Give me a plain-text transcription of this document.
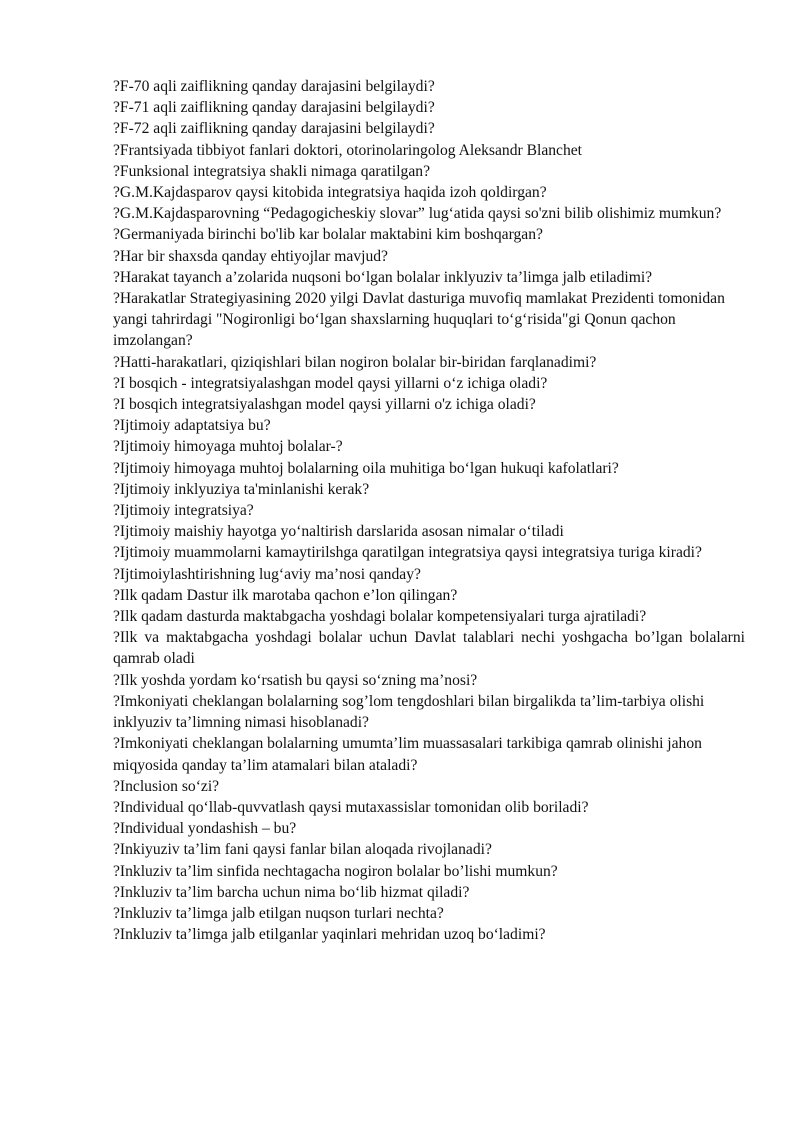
?F-70 aqli zaiflikning qanday darajasini belgilaydi?

?F-71 aqli zaiflikning qanday darajasini belgilaydi?

?F-72 aqli zaiflikning qanday darajasini belgilaydi?

?Frantsiyada tibbiyot fanlari doktori, otorinolaringolog Aleksandr Blanchet

?Funksional integratsiya shakli nimaga qaratilgan?

?G.M.Kajdasparov qaysi kitobida integratsiya haqida izoh qoldirgan?

?G.M.Kajdasparovning “Pedagogicheskiy slovar” lug‘atida qaysi so'zni bilib olishimiz mumkun?

?Germaniyada birinchi bo'lib kar bolalar maktabini kim boshqargan?

?Har bir shaxsda qanday ehtiyojlar mavjud?

?Harakat tayanch a’zolarida nuqsoni bo‘lgan bolalar inklyuziv ta’limga jalb etiladimi?

?Harakatlar Strategiyasining 2020 yilgi Davlat dasturiga muvofiq mamlakat Prezidenti tomonidan yangi tahrirdagi "Nogironligi bo‘lgan shaxslarning huquqlari to‘g‘risida"gi Qonun qachon imzolangan?

?Hatti-harakatlari, qiziqishlari bilan nogiron bolalar bir-biridan farqlanadimi?

?I bosqich - integratsiyalashgan model qaysi yillarni o‘z ichiga oladi?

?I bosqich integratsiyalashgan model qaysi yillarni o'z ichiga oladi?

?Ijtimoiy adaptatsiya bu?

?Ijtimoiy himoyaga muhtoj bolalar-?

?Ijtimoiy himoyaga muhtoj bolalarning oila muhitiga bo‘lgan hukuqi kafolatlari?

?Ijtimoiy inklyuziya ta'minlanishi kerak?

?Ijtimoiy integratsiya?

?Ijtimoiy maishiy hayotga yo‘naltirish darslarida asosan nimalar o‘tiladi

?Ijtimoiy muammolarni kamaytirilshga qaratilgan integratsiya qaysi integratsiya turiga kiradi?

?Ijtimoiylashtirishning lug‘aviy ma’nosi qanday?

?Ilk qadam Dastur ilk marotaba qachon e’lon qilingan?

?Ilk qadam dasturda maktabgacha yoshdagi bolalar kompetensiyalari turga ajratiladi?

?Ilk va maktabgacha yoshdagi bolalar uchun Davlat talablari nechi yoshgacha bo’lgan bolalarni qamrab oladi

?Ilk yoshda yordam ko‘rsatish bu qaysi so‘zning ma’nosi?

?Imkoniyati cheklangan bolalarning sog’lom tengdoshlari bilan birgalikda ta’lim-tarbiya olishi inklyuziv ta’limning nimasi hisoblanadi?

?Imkoniyati cheklangan bolalarning umumta’lim muassasalari tarkibiga qamrab olinishi jahon miqyosida qanday ta’lim atamalari bilan ataladi?

?Inclusion so‘zi?

?Individual qo‘llab-quvvatlash qaysi mutaxassislar tomonidan olib boriladi?

?Individual yondashish – bu?

?Inkiyuziv ta’lim fani qaysi fanlar bilan aloqada rivojlanadi?

?Inkluziv ta’lim sinfida nechtagacha nogiron bolalar bo’lishi mumkun?

?Inkluziv ta’lim barcha uchun nima bo‘lib hizmat qiladi?

?Inkluziv ta’limga jalb etilgan nuqson turlari nechta?

?Inkluziv ta’limga jalb etilganlar yaqinlari mehridan uzoq bo‘ladimi?
